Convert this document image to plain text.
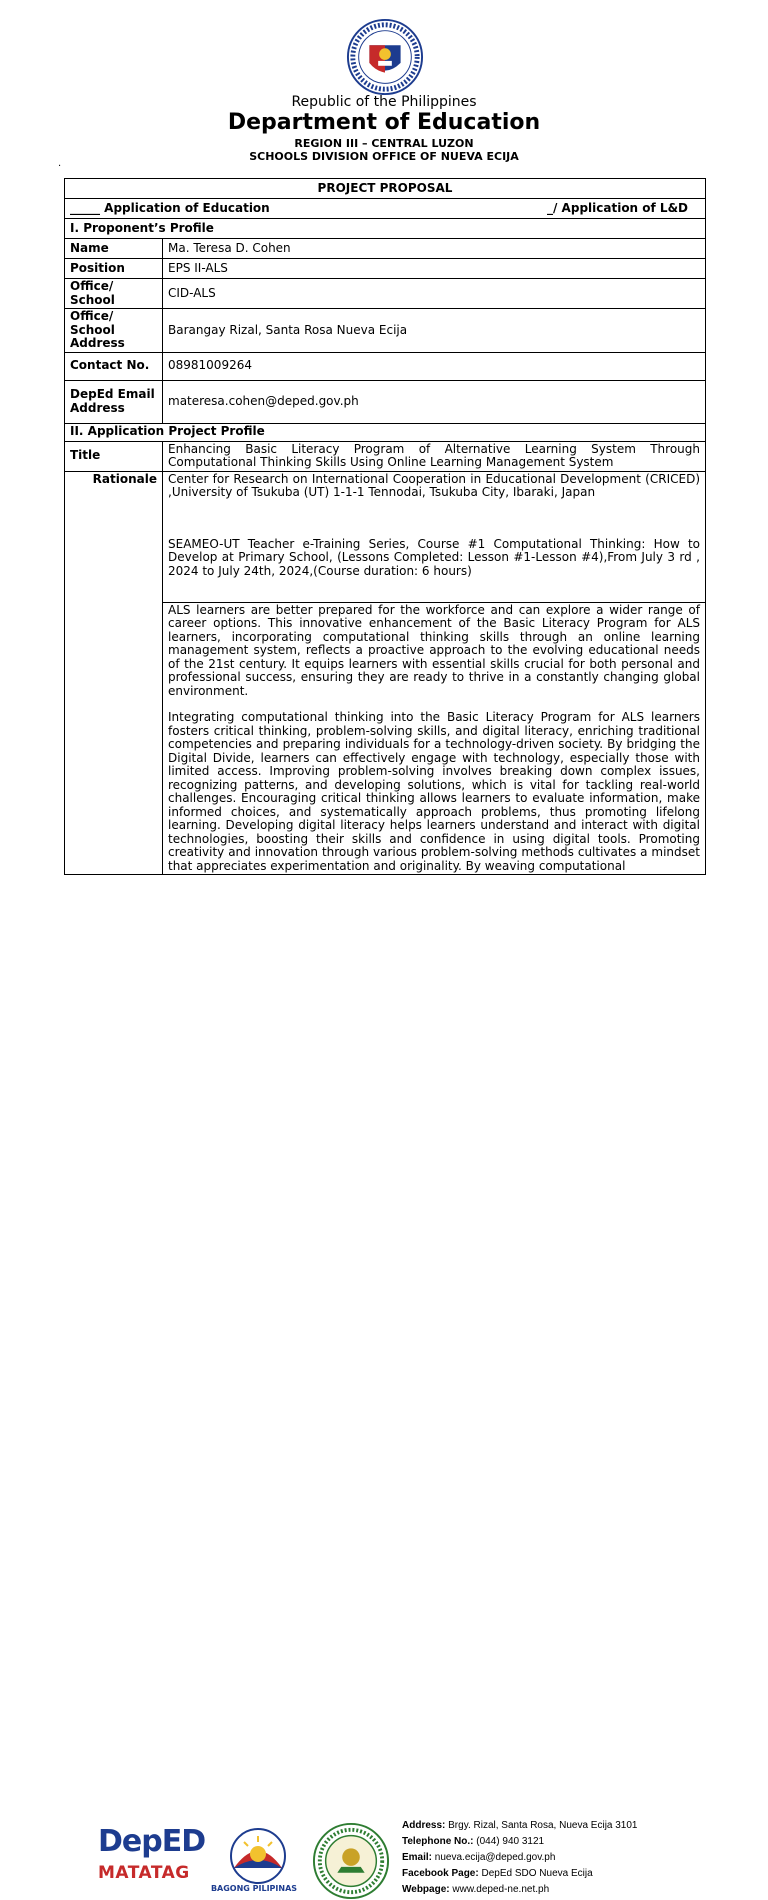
Republic of the Philippines
Department of Education
REGION III – CENTRAL LUZON
SCHOOLS DIVISION OFFICE OF NUEVA ECIJA
.
PROJECT PROPOSAL	

_____ Application of Education _/ Application of L&D	

I. Proponent’s Profile	
Name	Ma. Teresa D. Cohen
Position	EPS II-ALS
Office/ School	CID-ALS
Office/ School Address	Barangay Rizal, Santa Rosa Nueva Ecija
Contact No.	08981009264
DepEd Email Address	materesa.cohen@deped.gov.ph
II. Application Project Profile	
Title	Enhancing Basic Literacy Program of Alternative Learning System Through Computational Thinking Skills Using Online Learning Management System
Rationale	Center for Research on International Cooperation in Educational Development (CRICED) ,University of Tsukuba (UT) 1-1-1 Tennodai, Tsukuba City, Ibaraki, Japan

SEAMEO-UT Teacher e-Training Series, Course #1 Computational Thinking: How to Develop at Primary School, (Lessons Completed: Lesson #1-Lesson #4),From July 3 rd , 2024 to July 24th, 2024,(Course duration: 6 hours)

	ALS learners are better prepared for the workforce and can explore a wider range of career options. This innovative enhancement of the Basic Literacy Program for ALS learners, incorporating computational thinking skills through an online learning management system, reflects a proactive approach to the evolving educational needs of the 21st century. It equips learners with essential skills crucial for both personal and professional success, ensuring they are ready to thrive in a constantly changing global environment.

Integrating computational thinking into the Basic Literacy Program for ALS learners fosters critical thinking, problem-solving skills, and digital literacy, enriching traditional competencies and preparing individuals for a technology-driven society. By bridging the Digital Divide, learners can effectively engage with technology, especially those with limited access. Improving problem-solving involves breaking down complex issues, recognizing patterns, and developing solutions, which is vital for tackling real-world challenges. Encouraging critical thinking allows learners to evaluate information, make informed choices, and systematically approach problems, thus promoting lifelong learning. Developing digital literacy helps learners understand and interact with digital technologies, boosting their skills and confidence in using digital tools. Promoting creativity and innovation through various problem-solving methods cultivates a mindset that appreciates experimentation and originality. By weaving computational

DepED
MATATAG
BAGONG PILIPINAS
Address: Brgy. Rizal, Santa Rosa, Nueva Ecija 3101
Telephone No.: (044) 940 3121
Email: nueva.ecija@deped.gov.ph
Facebook Page: DepEd SDO Nueva Ecija
Webpage: www.deped-ne.net.ph
